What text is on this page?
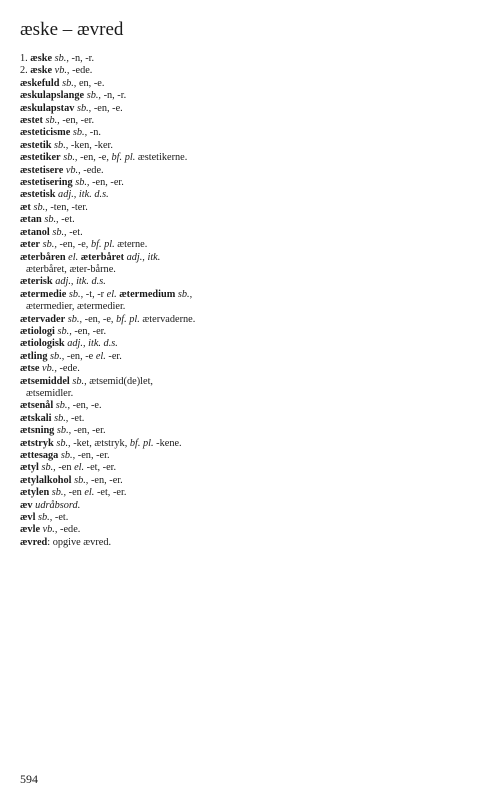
æske – ævred
1. æske sb., -n, -r.
2. æske vb., -ede.
æskefuld sb., en, -e.
æskulapslange sb., -n, -r.
æskulapstav sb., -en, -e.
æstet sb., -en, -er.
æsteticisme sb., -n.
æstetik sb., -ken, -ker.
æstetiker sb., -en, -e, bf. pl. æstetikerne.
æstetisere vb., -ede.
æstetisering sb., -en, -er.
æstetisk adj., itk. d.s.
æt sb., -ten, -ter.
ætan sb., -et.
ætanol sb., -et.
æter sb., -en, -e, bf. pl. æterne.
æterbåren el. æterbåret adj., itk. æterbåret, æter-bårne.
æterisk adj., itk. d.s.
ætermedie sb., -t, -r el. ætermedium sb., ætermedier, ætermedier.
ætervader sb., -en, -e, bf. pl. ætervaderne.
ætiologi sb., -en, -er.
ætiologisk adj., itk. d.s.
ætling sb., -en, -e el. -er.
ætse vb., -ede.
ætsemiddel sb., ætsemid(de)let, ætsemidler.
ætsenål sb., -en, -e.
ætskali sb., -et.
ætsning sb., -en, -er.
ætstryk sb., -ket, ætstryk, bf. pl. -kene.
ættesaga sb., -en, -er.
ætyl sb., -en el. -et, -er.
ætylalkohol sb., -en, -er.
ætylen sb., -en el. -et, -er.
æv udråbsord.
ævl sb., -et.
ævle vb., -ede.
ævred: opgive ævred.
594
